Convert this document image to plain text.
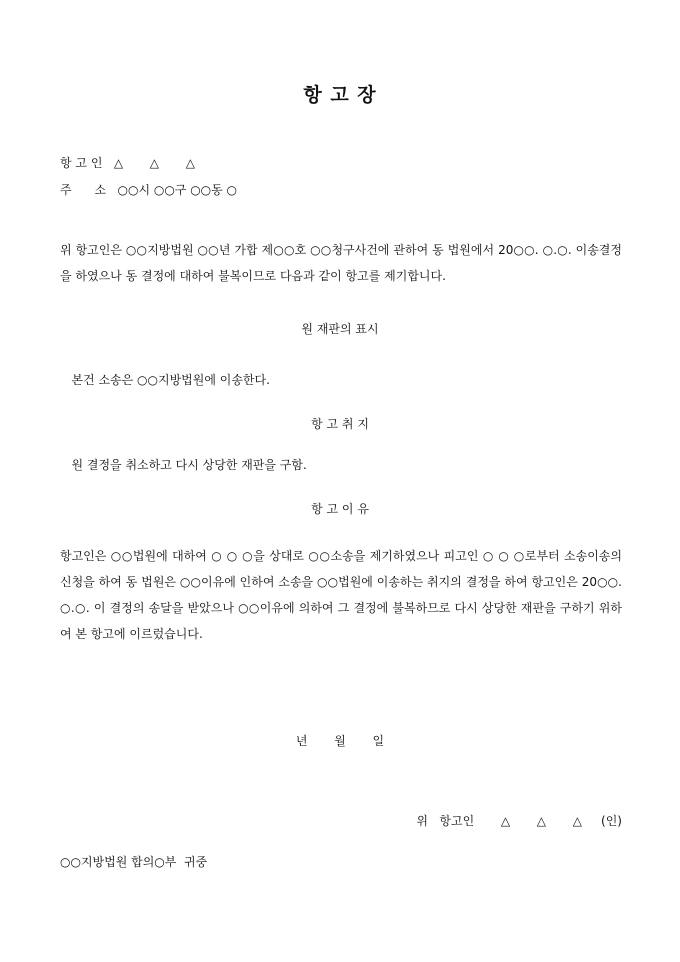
항 고 장
항 고 인   △       △       △
주      소   ○○시 ○○구 ○○동 ○

위 항고인은 ○○지방법원 ○○년 가합 제○○호 ○○청구사건에 관하여 동 법원에서 20○○. ○.○. 이송결정을 하였으나 동 결정에 대하여 불복이므로 다음과 같이 항고를 제기합니다.

원 재판의 표시
본건 소송은 ○○지방법원에 이송한다.
항 고 취 지
원 결정을 취소하고 다시 상당한 재판을 구함.
항 고 이 유

항고인은 ○○법원에 대하여 ○ ○ ○을 상대로 ○○소송을 제기하였으나 피고인 ○ ○ ○로부터 소송이송의 신청을 하여 동 법원은 ○○이유에 인하여 소송을 ○○법원에 이송하는 취지의 결정을 하여 항고인은 20○○. ○.○. 이 결정의 송달을 받았으나 ○○이유에 의하여 그 결정에 불복하므로 다시 상당한 재판을 구하기 위하여 본 항고에 이르렀습니다.

년       월       일
위   항고인       △       △       △     (인)
○○지방법원 합의○부  귀중
